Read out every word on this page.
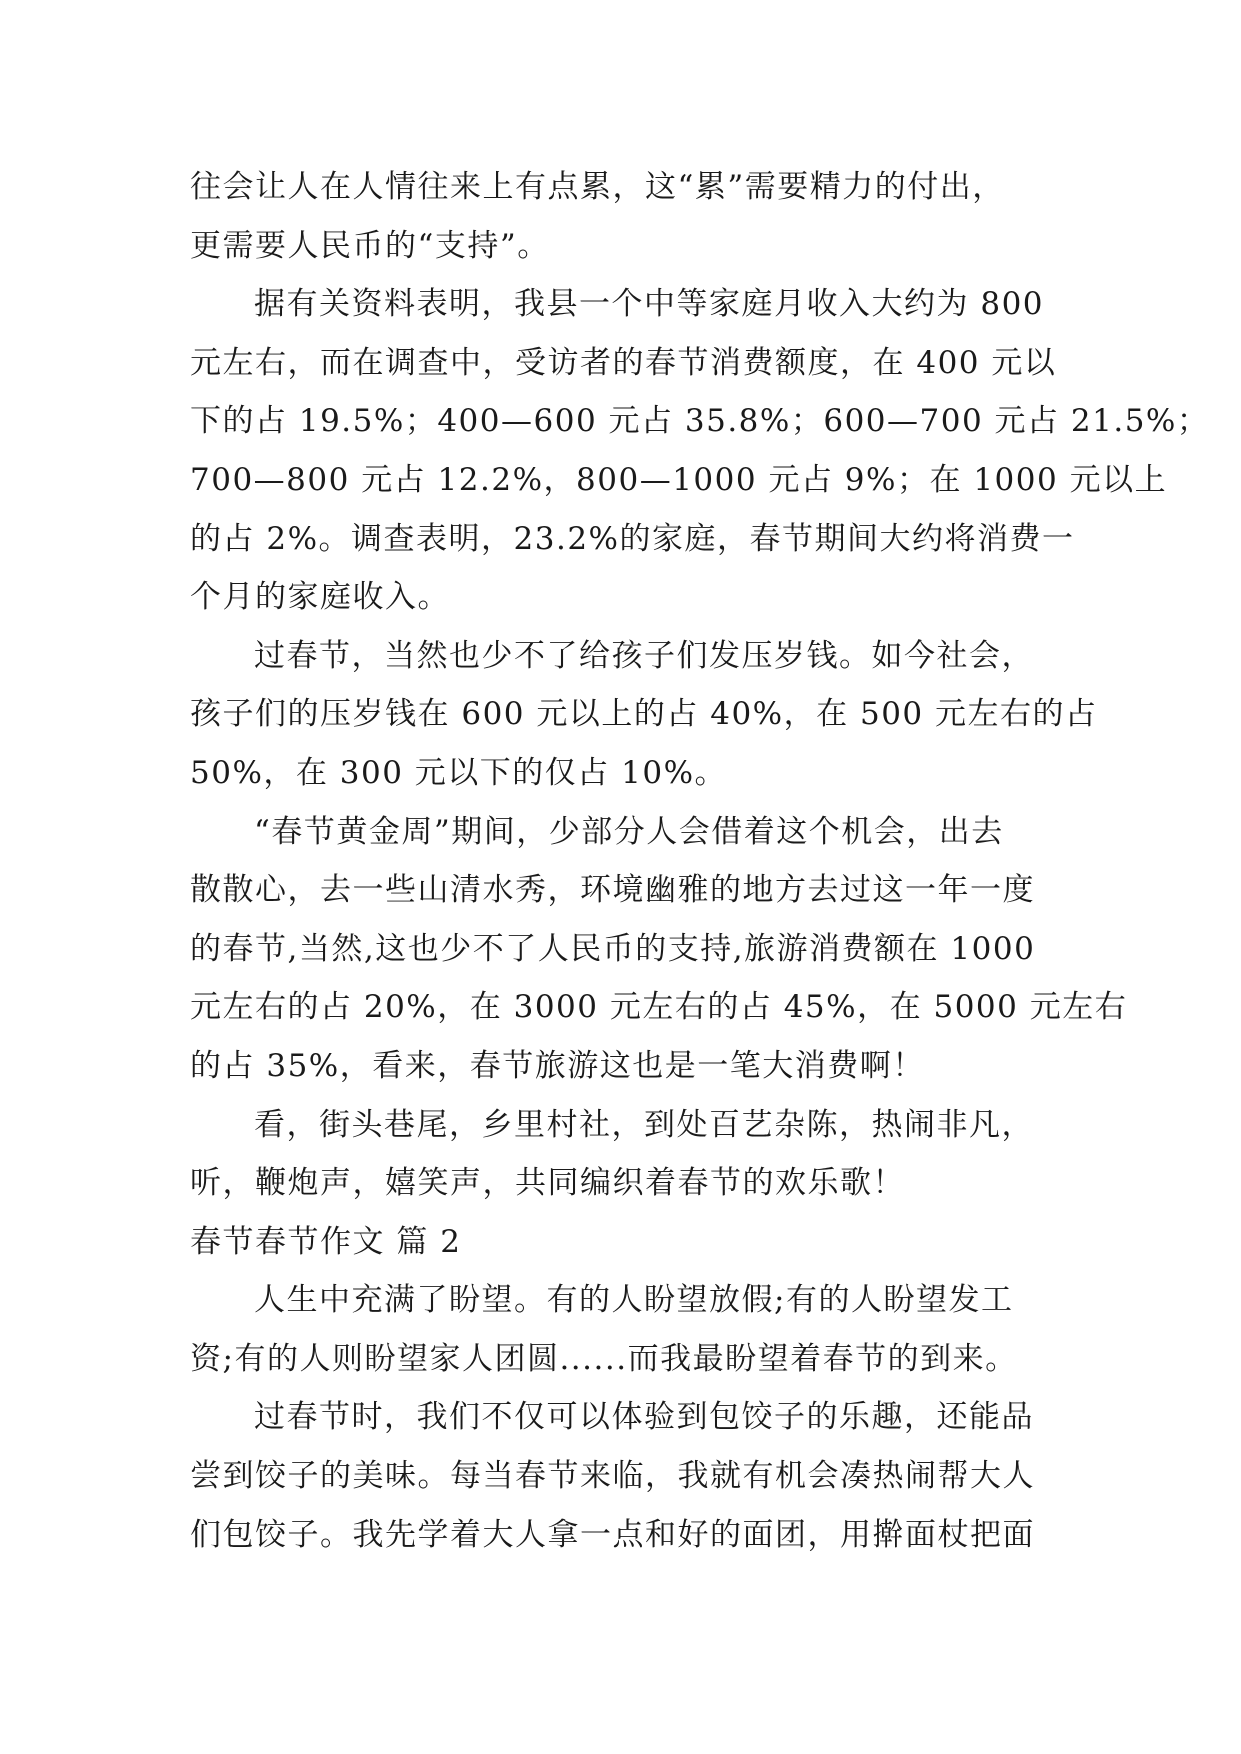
往会让人在人情往来上有点累，这“累”需要精力的付出，
更需要人民币的“支持”。
据有关资料表明，我县一个中等家庭月收入大约为 800
元左右，而在调查中，受访者的春节消费额度，在 400 元以
下的占 19.5%；400—600 元占 35.8%；600—700 元占 21.5%；
700—800 元占 12.2%，800—1000 元占 9%；在 1000 元以上
的占 2%。调查表明，23.2%的家庭，春节期间大约将消费一
个月的家庭收入。
过春节，当然也少不了给孩子们发压岁钱。如今社会，
孩子们的压岁钱在 600 元以上的占 40%，在 500 元左右的占
50%，在 300 元以下的仅占 10%。
“春节黄金周”期间，少部分人会借着这个机会，出去
散散心，去一些山清水秀，环境幽雅的地方去过这一年一度
的春节,当然,这也少不了人民币的支持,旅游消费额在 1000
元左右的占 20%，在 3000 元左右的占 45%，在 5000 元左右
的占 35%，看来，春节旅游这也是一笔大消费啊！
看，街头巷尾，乡里村社，到处百艺杂陈，热闹非凡，
听，鞭炮声，嬉笑声，共同编织着春节的欢乐歌！
春节春节作文 篇 2
人生中充满了盼望。有的人盼望放假;有的人盼望发工
资;有的人则盼望家人团圆......而我最盼望着春节的到来。
过春节时，我们不仅可以体验到包饺子的乐趣，还能品
尝到饺子的美味。每当春节来临，我就有机会凑热闹帮大人
们包饺子。我先学着大人拿一点和好的面团，用擀面杖把面
